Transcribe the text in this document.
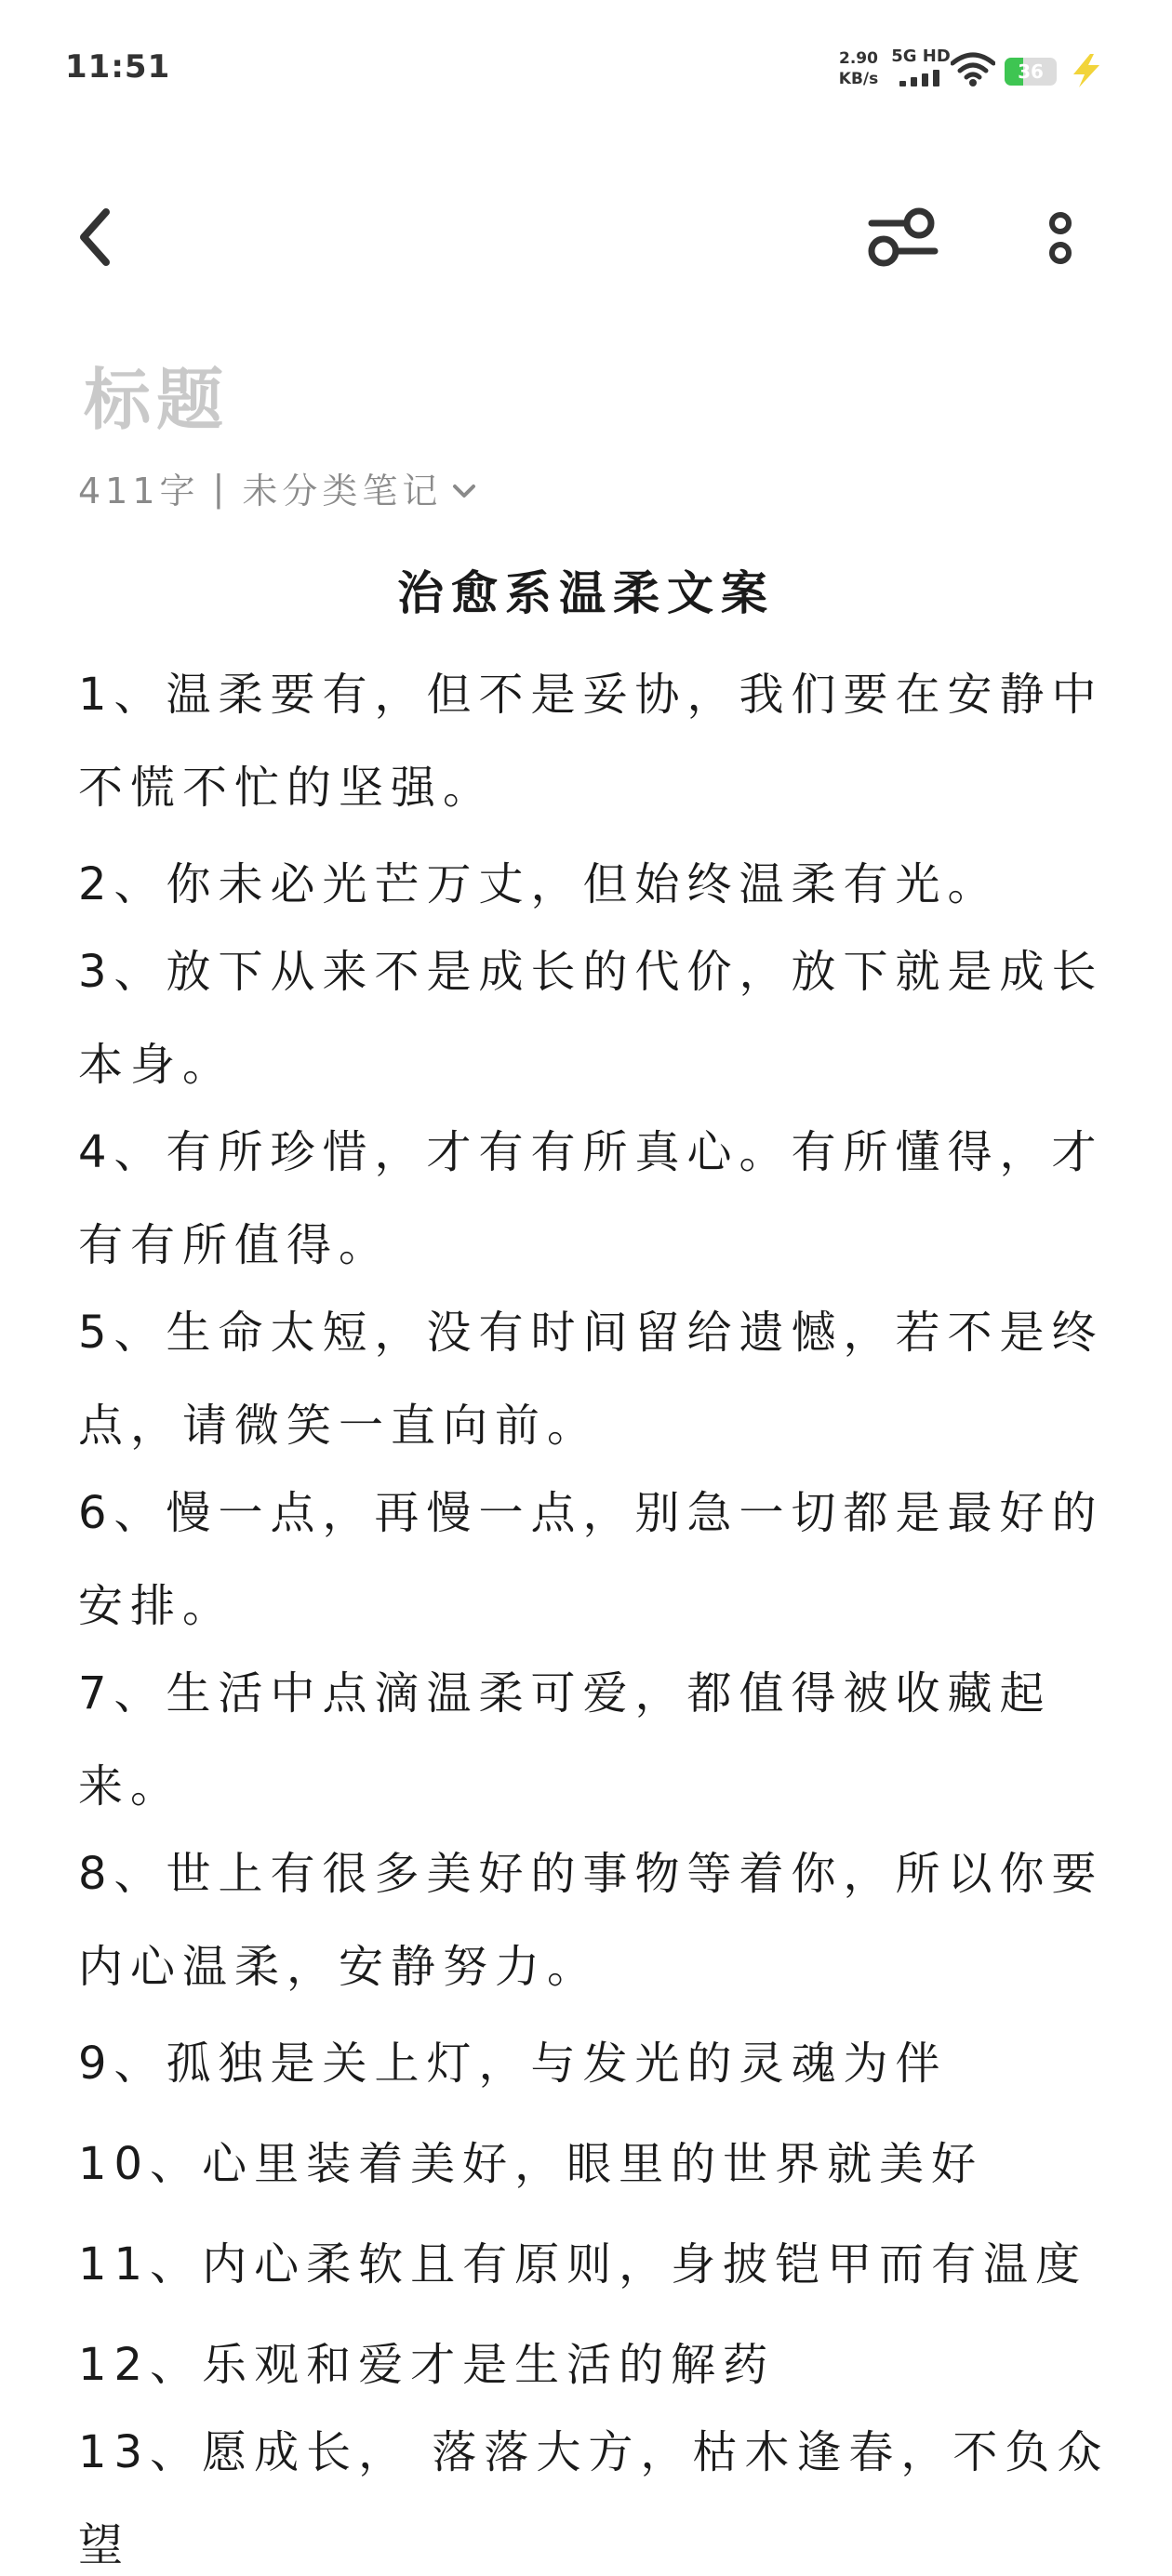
11:51	2.90
KB/s
5G HD
36
标题
411字 | 未分类笔记
治愈系温柔文案
1、温柔要有，但不是妥协，我们要在安静中
不慌不忙的坚强。
2、你未必光芒万丈，但始终温柔有光。
3、放下从来不是成长的代价，放下就是成长
本身。
4、有所珍惜，才有有所真心。有所懂得，才
有有所值得。
5、生命太短，没有时间留给遗憾，若不是终
点，请微笑一直向前。
6、慢一点，再慢一点，别急一切都是最好的
安排。
7、生活中点滴温柔可爱，都值得被收藏起
来。
8、世上有很多美好的事物等着你，所以你要
内心温柔，安静努力。
9、孤独是关上灯，与发光的灵魂为伴
10、心里装着美好，眼里的世界就美好
11、内心柔软且有原则，身披铠甲而有温度
12、乐观和爱才是生活的解药
13、愿成长， 落落大方，枯木逢春，不负众
望
